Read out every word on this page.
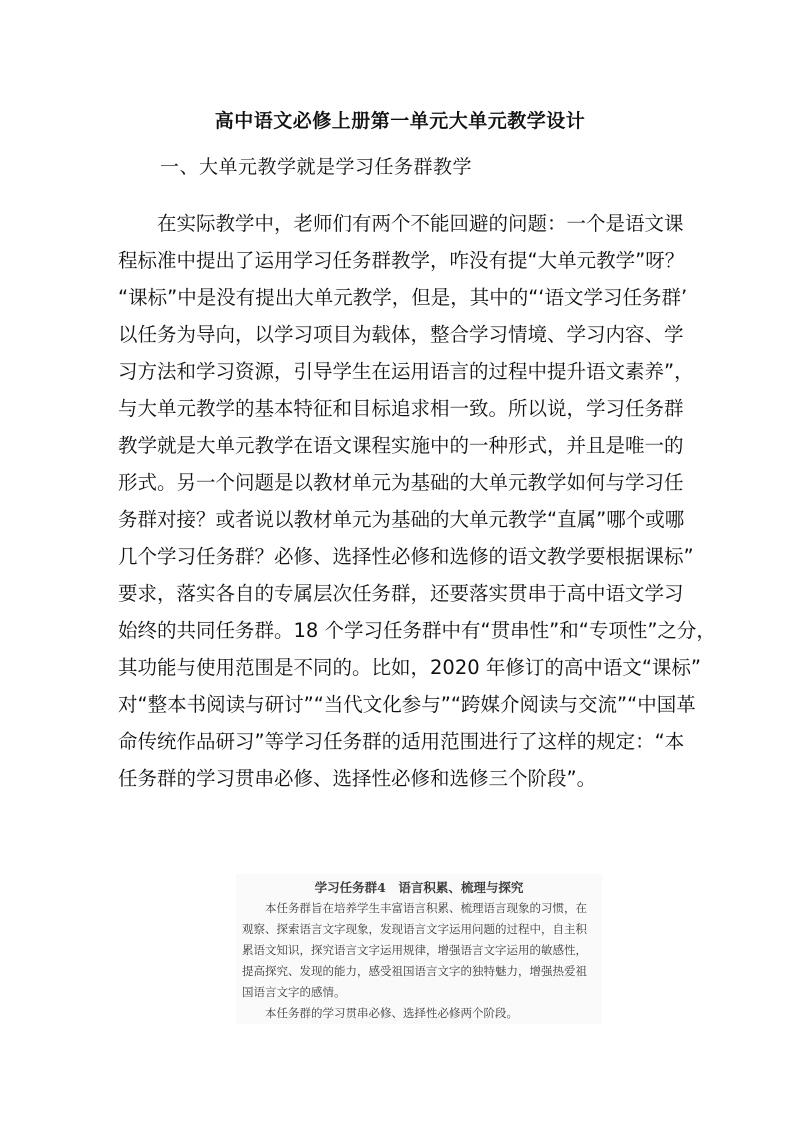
高中语文必修上册第一单元大单元教学设计
一、大单元教学就是学习任务群教学

　　在实际教学中，老师们有两个不能回避的问题：一个是语文课

程标准中提出了运用学习任务群教学，咋没有提“大单元教学”呀？

“课标”中是没有提出大单元教学，但是，其中的“‘语文学习任务群’

以任务为导向，以学习项目为载体，整合学习情境、学习内容、学

习方法和学习资源，引导学生在运用语言的过程中提升语文素养”，

与大单元教学的基本特征和目标追求相一致。所以说，学习任务群

教学就是大单元教学在语文课程实施中的一种形式，并且是唯一的

形式。另一个问题是以教材单元为基础的大单元教学如何与学习任

务群对接？或者说以教材单元为基础的大单元教学“直属”哪个或哪

几个学习任务群？必修、选择性必修和选修的语文教学要根据课标”

要求，落实各自的专属层次任务群，还要落实贯串于高中语文学习

始终的共同任务群。18 个学习任务群中有“贯串性”和“专项性”之分，

其功能与使用范围是不同的。比如，2020 年修订的高中语文“课标”

对“整本书阅读与研讨”“当代文化参与”“跨媒介阅读与交流”“中国革

命传统作品研习”等学习任务群的适用范围进行了这样的规定：“本

任务群的学习贯串必修、选择性必修和选修三个阶段”。

学习任务群4　语言积累、梳理与探究

　　本任务群旨在培养学生丰富语言积累、梳理语言现象的习惯，在

观察、探索语言文字现象，发现语言文字运用问题的过程中，自主积

累语文知识，探究语言文字运用规律，增强语言文字运用的敏感性，

提高探究、发现的能力，感受祖国语言文字的独特魅力，增强热爱祖

国语言文字的感情。

　　本任务群的学习贯串必修、选择性必修两个阶段。
